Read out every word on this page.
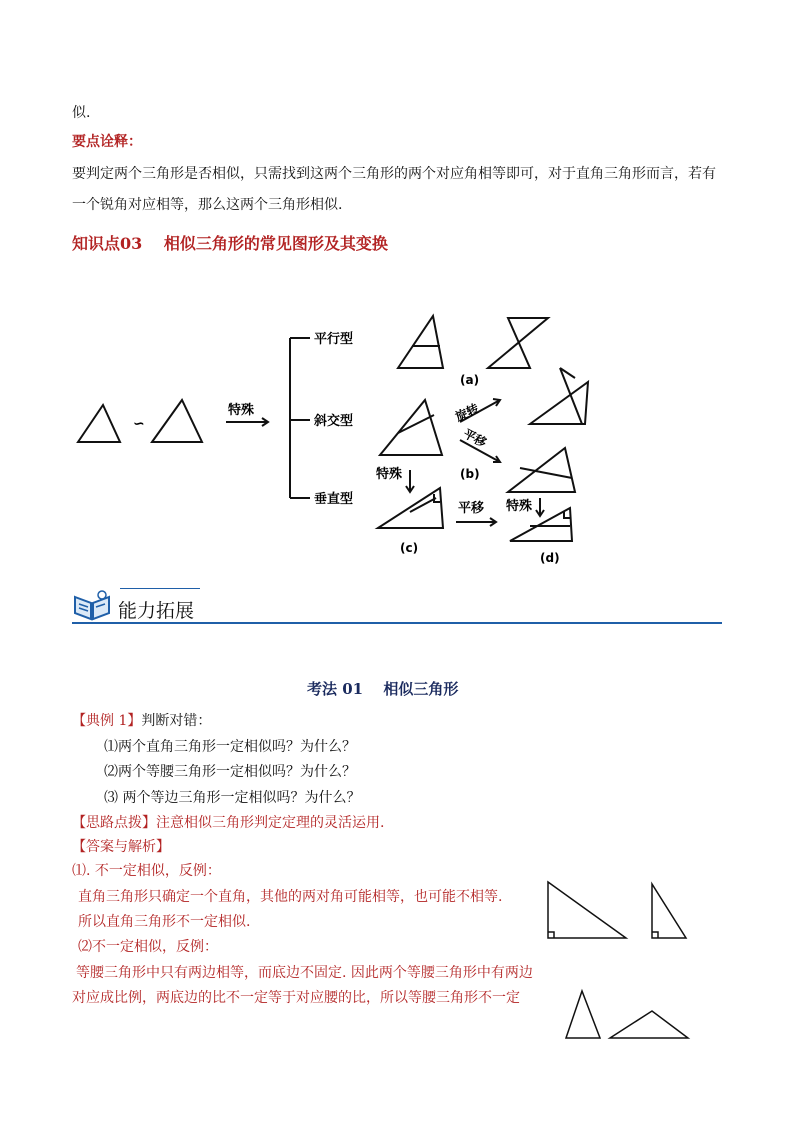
似.
要点诠释：
要判定两个三角形是否相似，只需找到这两个三角形的两个对应角相等即可，对于直角三角形而言，若有
一个锐角对应相等，那么这两个三角形相似.
知识点03　 相似三角形的常见图形及其变换
∽
特殊
平行型
斜交型
垂直型
(a)
(b)
(c)
(d)
旋转
平移
特殊
平移 特殊
能力拓展
考法 01　 相似三角形
【典例 1】判断对错：
⑴两个直角三角形一定相似吗？为什么？
⑵两个等腰三角形一定相似吗？为什么？
⑶ 两个等边三角形一定相似吗？为什么？
【思路点拨】注意相似三角形判定定理的灵活运用.
【答案与解析】
⑴. 不一定相似，反例：
直角三角形只确定一个直角，其他的两对角可能相等，也可能不相等.
所以直角三角形不一定相似.
⑵不一定相似，反例：
等腰三角形中只有两边相等，而底边不固定. 因此两个等腰三角形中有两边
对应成比例，两底边的比不一定等于对应腰的比，所以等腰三角形不一定
